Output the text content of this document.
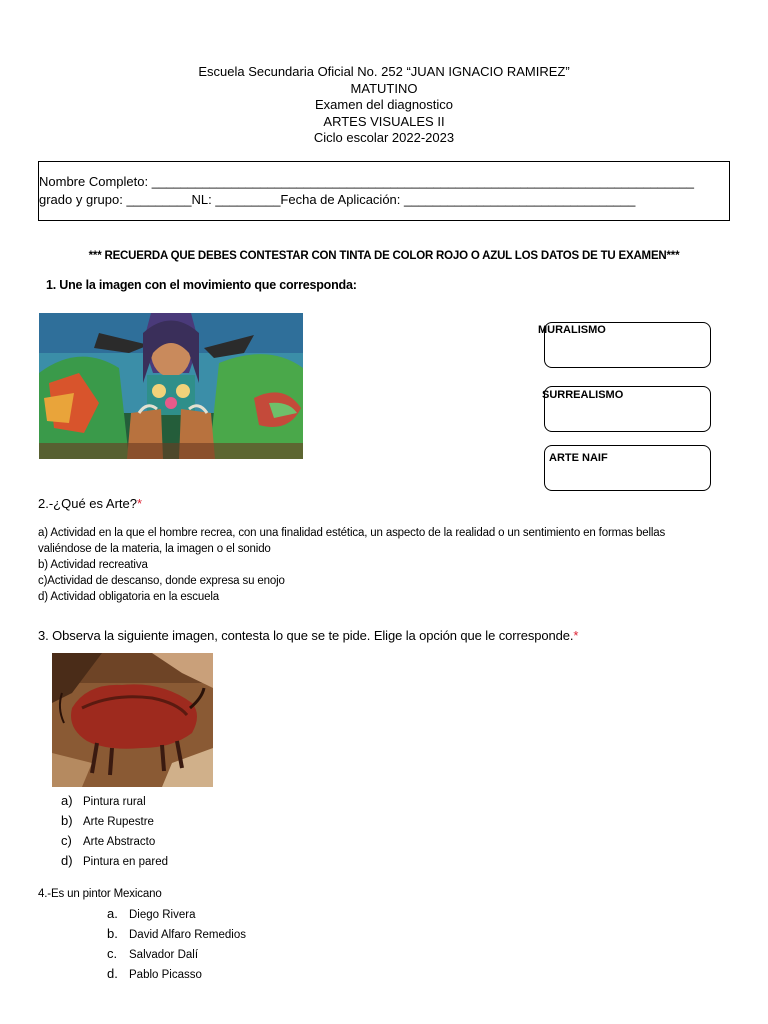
Escuela Secundaria Oficial No. 252 “JUAN IGNACIO RAMIREZ”
MATUTINO
Examen del diagnostico
ARTES VISUALES II
Ciclo escolar 2022-2023
Nombre Completo: ___________________________________________________________________________
grado y grupo: _________NL: _________Fecha de Aplicación: ________________________________
*** RECUERDA QUE DEBES CONTESTAR CON TINTA DE COLOR ROJO O AZUL LOS DATOS DE TU EXAMEN***
1. Une la imagen con el movimiento que corresponda:
MURALISMO
SURREALISMO
ARTE NAIF
2.-¿Qué es Arte?*
a) Actividad en la que el hombre recrea, con una finalidad estética, un aspecto de la realidad o un sentimiento en formas bellas
valiéndose de la materia, la imagen o el sonido
b) Actividad recreativa
c)Actividad de descanso, donde expresa su enojo
d) Actividad obligatoria en la escuela
3. Observa la siguiente imagen, contesta lo que se te pide. Elige la opción que le corresponde.*
a) Pintura rural
b) Arte Rupestre
c) Arte Abstracto
d) Pintura en pared
4.-Es un pintor Mexicano
a. Diego Rivera
b. David Alfaro Remedios
c. Salvador Dalí
d. Pablo Picasso
